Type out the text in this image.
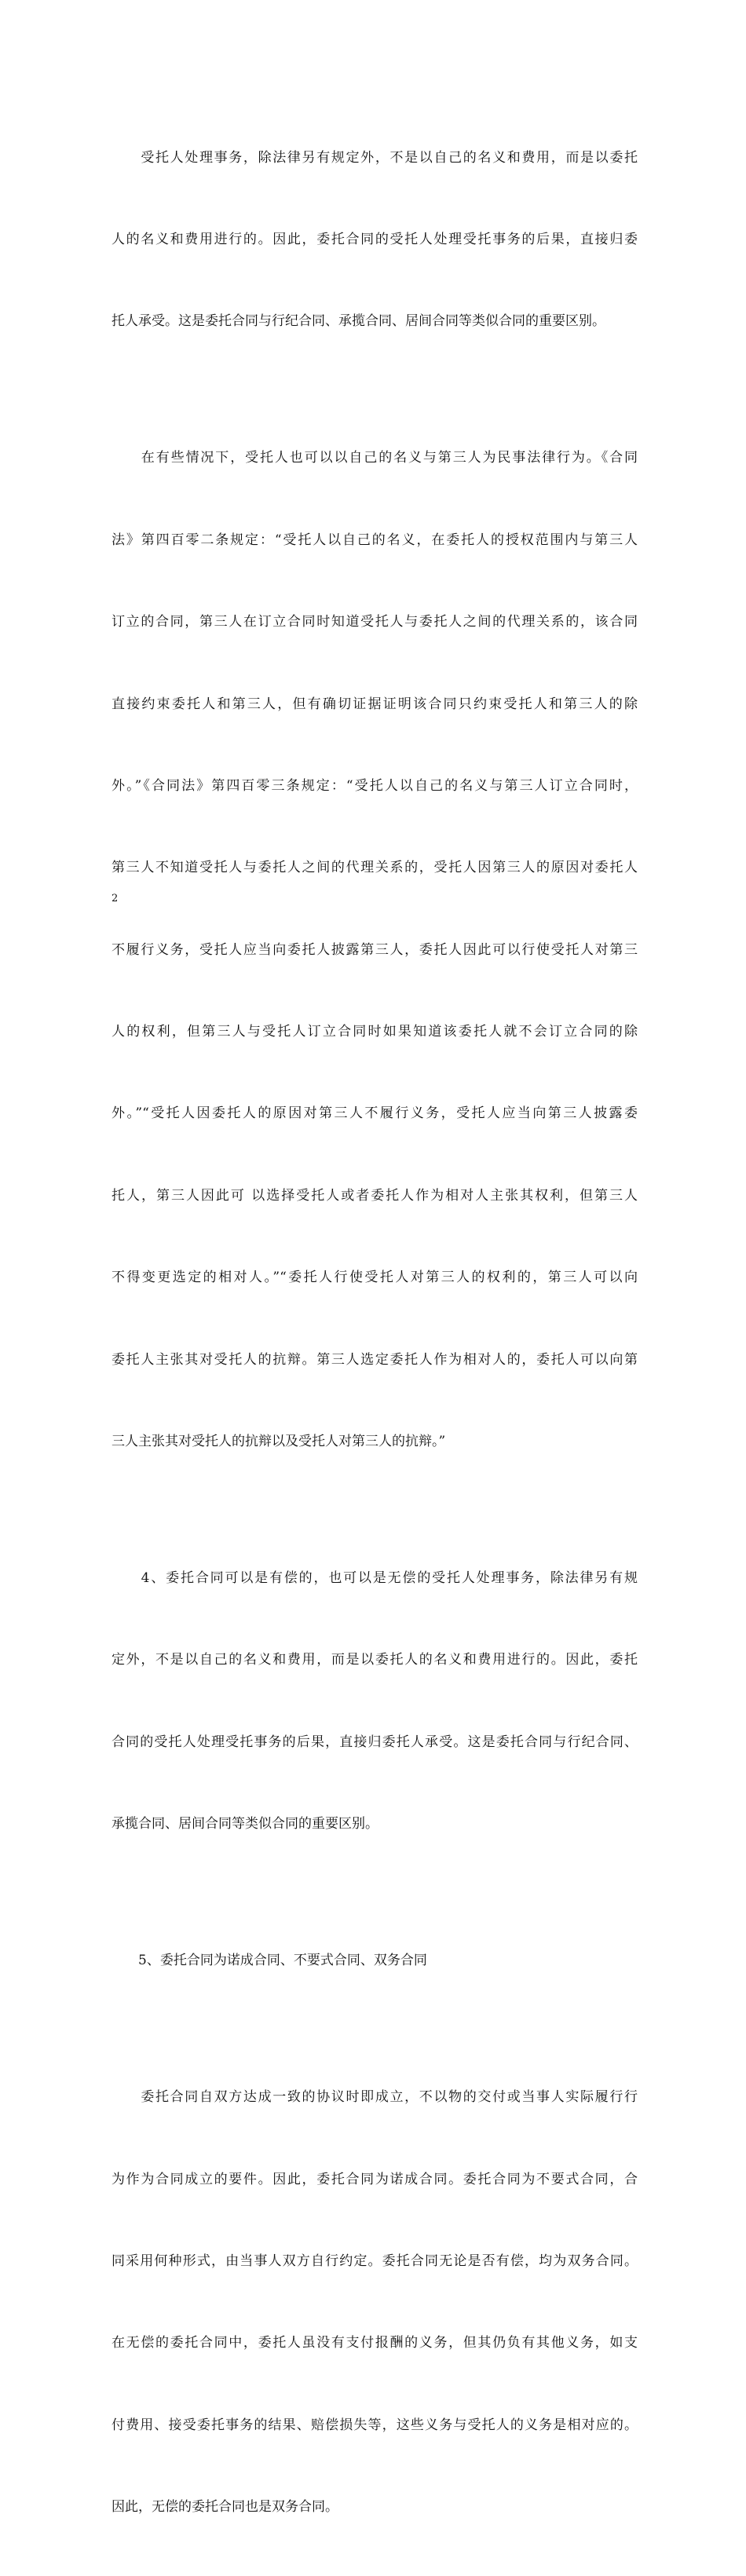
　　受托人处理事务，除法律另有规定外，不是以自己的名义和费用，而是以委托

人的名义和费用进行的。因此，委托合同的受托人处理受托事务的后果，直接归委

托人承受。这是委托合同与行纪合同、承揽合同、居间合同等类似合同的重要区别。

　　在有些情况下，受托人也可以以自己的名义与第三人为民事法律行为。《合同

法》第四百零二条规定：“受托人以自己的名义，在委托人的授权范围内与第三人

订立的合同，第三人在订立合同时知道受托人与委托人之间的代理关系的，该合同

直接约束委托人和第三人，但有确切证据证明该合同只约束受托人和第三人的除

外。”《合同法》第四百零三条规定：“受托人以自己的名义与第三人订立合同时，

第三人不知道受托人与委托人之间的代理关系的，受托人因第三人的原因对委托人

不履行义务，受托人应当向委托人披露第三人，委托人因此可以行使受托人对第三

人的权利，但第三人与受托人订立合同时如果知道该委托人就不会订立合同的除

外。”“受托人因委托人的原因对第三人不履行义务，受托人应当向第三人披露委

托人，第三人因此可 以选择受托人或者委托人作为相对人主张其权利，但第三人

不得变更选定的相对人。”“委托人行使受托人对第三人的权利的，第三人可以向

委托人主张其对受托人的抗辩。第三人选定委托人作为相对人的，委托人可以向第

三人主张其对受托人的抗辩以及受托人对第三人的抗辩。”

　　4、委托合同可以是有偿的，也可以是无偿的受托人处理事务，除法律另有规

定外，不是以自己的名义和费用，而是以委托人的名义和费用进行的。因此，委托

合同的受托人处理受托事务的后果，直接归委托人承受。这是委托合同与行纪合同、

承揽合同、居间合同等类似合同的重要区别。

　　5、委托合同为诺成合同、不要式合同、双务合同

　　委托合同自双方达成一致的协议时即成立，不以物的交付或当事人实际履行行

为作为合同成立的要件。因此，委托合同为诺成合同。委托合同为不要式合同，合

同采用何种形式，由当事人双方自行约定。委托合同无论是否有偿，均为双务合同。

在无偿的委托合同中，委托人虽没有支付报酬的义务，但其仍负有其他义务，如支

付费用、接受委托事务的结果、赔偿损失等，这些义务与受托人的义务是相对应的。

因此，无偿的委托合同也是双务合同。

2
